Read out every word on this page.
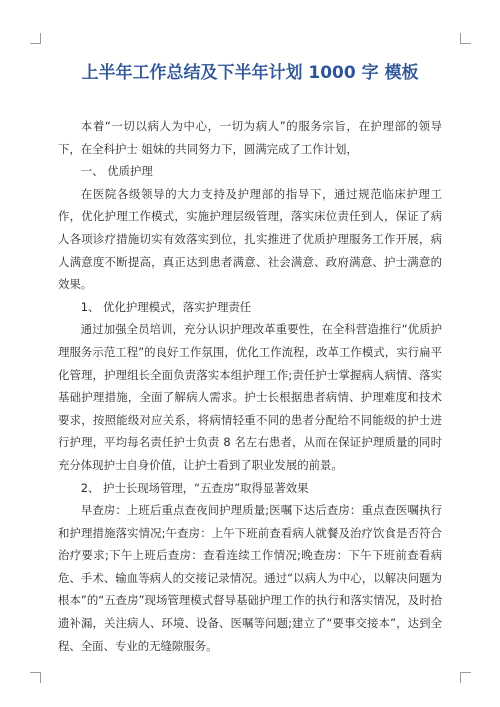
上半年工作总结及下半年计划 1000 字 模板

本着“一切以病人为中心，一切为病人”的服务宗旨，在护理部的领导下，在全科护士 姐妹的共同努力下，圆满完成了工作计划，

一、 优质护理

在医院各级领导的大力支持及护理部的指导下，通过规范临床护理工作，优化护理工作模式，实施护理层级管理，落实床位责任到人，保证了病人各项诊疗措施切实有效落实到位，扎实推进了优质护理服务工作开展，病人满意度不断提高，真正达到患者满意、社会满意、政府满意、护士满意的效果。

1、 优化护理模式，落实护理责任

通过加强全员培训，充分认识护理改革重要性，在全科营造推行“优质护理服务示范工程”的良好工作氛围，优化工作流程，改革工作模式，实行扁平化管理，护理组长全面负责落实本组护理工作;责任护士掌握病人病情、落实基础护理措施，全面了解病人需求。护士长根据患者病情、护理难度和技术要求，按照能级对应关系，将病情轻重不同的患者分配给不同能级的护士进行护理，平均每名责任护士负责 8 名左右患者，从而在保证护理质量的同时充分体现护士自身价值，让护士看到了职业发展的前景。

2、 护士长现场管理，“五查房”取得显著效果

早查房：上班后重点查夜间护理质量;医嘱下达后查房：重点查医嘱执行和护理措施落实情况;午查房：上午下班前查看病人就餐及治疗饮食是否符合治疗要求;下午上班后查房：查看连续工作情况;晚查房：下午下班前查看病危、手术、输血等病人的交接记录情况。通过“以病人为中心，以解决问题为根本”的“五查房”现场管理模式督导基础护理工作的执行和落实情况，及时拾遗补漏，关注病人、环境、设备、医嘱等问题;建立了“要事交接本”，达到全程、全面、专业的无缝隙服务。
